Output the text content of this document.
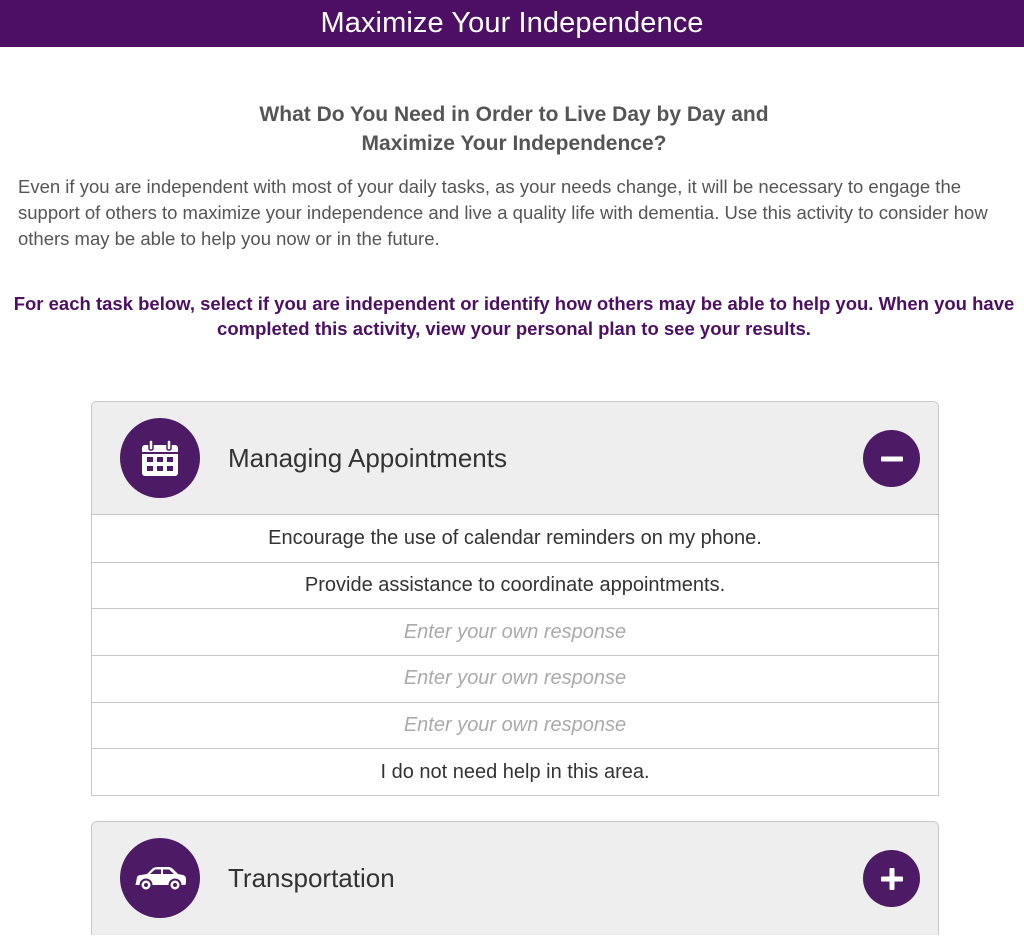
Maximize Your Independence
What Do You Need in Order to Live Day by Day and
Maximize Your Independence?

Even if you are independent with most of your daily tasks, as your needs change, it will be necessary to engage the support of others to maximize your independence and live a quality life with dementia. Use this activity to consider how others may be able to help you now or in the future.

For each task below, select if you are independent or identify how others may be able to help you. When you have completed this activity, view your personal plan to see your results.

Managing Appointments
Encourage the use of calendar reminders on my phone.
Provide assistance to coordinate appointments.
Enter your own response
Enter your own response
Enter your own response
I do not need help in this area.
Transportation
